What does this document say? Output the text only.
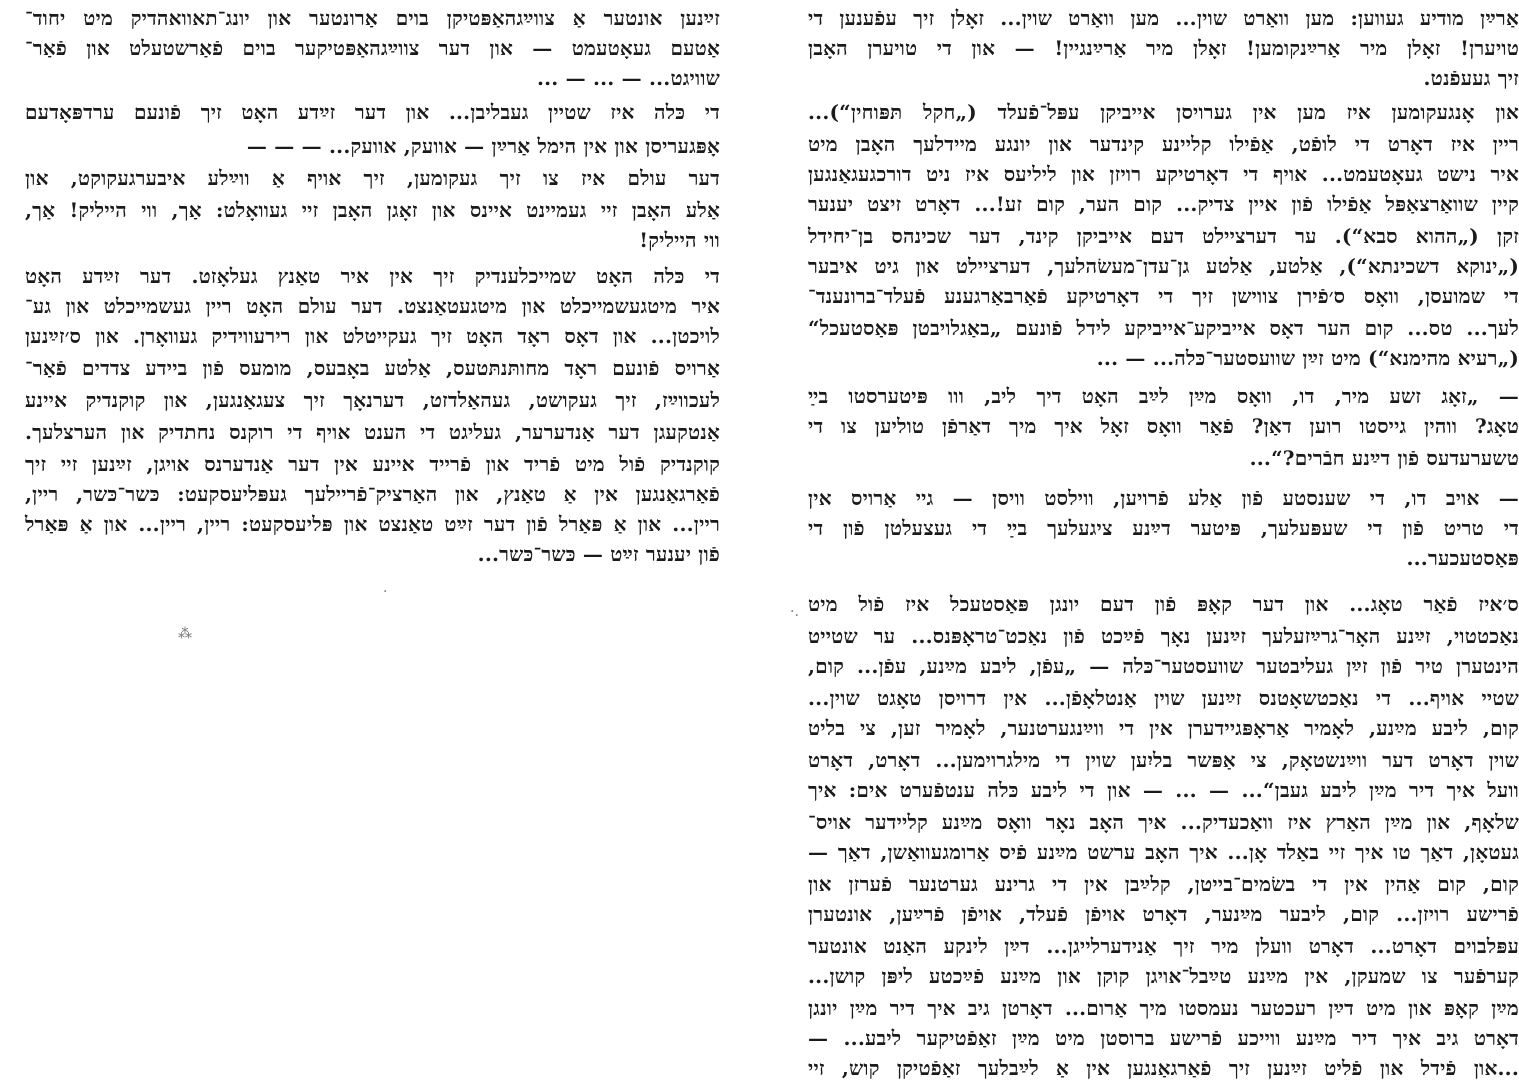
זײַנען אונטער אַ צווײַגהאַפּטיקן בוים אַרונטער און יונג־תאוואהדיק מיט יחוד־
אַטעם געאָטעמט — און דער צווײַגהאַפּטיקער בוים פֿאַרשטעלט און פֿאַר־
שוויגט... — ... — ...
די כּלה איז שטיין געבליבן... און דער זײַדע האָט זיך פֿונעם ערדפּאָדעם
אָפּגעריסן און אין הימל אַרײַן — אוועק, אוועק... — — —
דער עולם איז צו זיך געקומען, זיך אויף אַ ווײַלע איבערגעקוקט, און
אַלע האָבן זיי געמיינט איינס און זאָגן האָבן זיי געוואָלט: אַך, ווי הייליק! אַך,
ווי הייליק!
די כּלה האָט שמייכלענדיק זיך אין איר טאַנץ געלאָזט. דער זײַדע האָט
איר מיטגעשמייכלט און מיטגעטאַנצט. דער עולם האָט ריין געשמייכלט און גע־
לויכטן... און דאָס ראָד האָט זיך געקייטלט און רירעווידיק געוואָרן. און ס׳זײַנען
אַרויס פֿונעם ראָד מחותּנתּטעס, אַלטע באָבעס, מומעס פֿון ביידע צדדים פֿאַר־
לעכווײַז, זיך געקושט, געהאַלדזט, דערנאָך זיך צעגאַנגען, און קוקנדיק איינע
אַנטקעגן דער אַנדערער, געליגט די הענט אויף די רוקנס נחתדיק און הערצלעך.
קוקנדיק פֿול מיט פֿריד און פֿרייד איינע אין דער אַנדערנס אויגן, זײַנען זיי זיך
פֿאַרגאַנגען אין אַ טאַנץ, און האַרציק־פֿריילעך געפּליעסקעט: כּשר־כּשר, ריין,
ריין... און אַ פּאַרל פֿון דער זײַט טאַנצט און פּליעסקעט: ריין, ריין... און אַ פּאַרל
פֿון יענער זײַט — כּשר־כּשר...
אַרײַן מודיע געווען: מען וואַרט שוין... מען וואַרט שוין... זאָלן זיך עפֿענען די
טויערן! זאָלן מיר אַרײַנקומען! זאָלן מיר אַרײַנגיין! — און די טויערן האָבן
זיך געעפֿנט.
און אָנגעקומען איז מען אין גערויסן אייביקן עפּל־פֿעלד („חקל תּפּוחין“)...
ריין איז דאָרט די לופֿט, אַפֿילו קליינע קינדער און יונגע מיידלעך האָבן מיט
איר נישט געאָטעמט... אויף די דאָרטיקע רויזן און ליליעס איז ניט דורכגעגאַנגען
קיין שוואַרצאַפּל אַפֿילו פֿון איין צדיק... קום הער, קום זע!... דאָרט זיצט יענער
זקן („ההוא סבא“). ער דערציילט דעם אייביקן קינד, דער שכינהס בן־יחידל
(„ינוקא דשכינתא“), אַלטע, אַלטע גן־עדן־מעשׂהלעך, דערציילט און גיט איבער
די שמועסן, וואָס ס׳פֿירן צווישן זיך די דאָרטיקע פֿאַרבאַרגענע פֿעלד־ברונענד־
לעך... טס... קום הער דאָס אייביקע־אייביקע לידל פֿונעם „באַגלויבטן פּאַסטעכל“
(„רעיא מהימנא“) מיט זײַן שוועסטער־כּלה... — ...
— „זאָג זשע מיר, דו, וואָס מײַן לײַב האָט דיך ליב, ווו פּיטערסטו בײַ
טאָג? ווהין גייסטו רוען דאַן? פֿאַר וואָס זאָל איך מיך דאַרפֿן טוליען צו די
טשערעדעס פֿון דײַנע חבֿרים?“...
— אויב דו, די שענסטע פֿון אַלע פֿרויען, ווילסט וויסן — גיי אַרויס אין
די טריט פֿון די שעפּעלעך, פּיטער דײַנע ציגעלעך בײַ די געצעלטן פֿון די
פּאַסטעכער...
ס׳איז פֿאַר טאָג... און דער קאָפּ פֿון דעם יונגן פּאַסטעכל איז פֿול מיט
נאַכטטוי, זײַנע האָר־גרײַזעלעך זײַנען נאָך פֿײַכט פֿון נאַכט־טראָפּנס... ער שטייט
הינטערן טיר פֿון זײַן געליבטער שוועסטער־כּלה — „עפֿן, ליבע מײַנע, עפֿן... קום,
שטיי אויף... די נאַכטשאָטנס זײַנען שוין אַנטלאָפֿן... אין דרויסן טאָגט שוין...
קום, ליבע מײַנע, לאָמיר אַראָפּגיידערן אין די ווײַנגערטנער, לאָמיר זען, צי בליט
שוין דאָרט דער ווײַנשטאָק, צי אַפּשר בליִען שוין די מילגרוימען... דאָרט, דאָרט
וועל איך דיר מײַן ליבע געבן“... — ... — און די ליבע כּלה ענטפֿערט אים: איך
שלאָף, און מײַן האַרץ איז וואַכעדיק... איך האָב נאָר וואָס מײַנע קליידער אויס־
געטאָן, דאַך טו איך זיי באַלד אָן... איך האָב ערשט מײַנע פֿיס אַרומגעוואַשן, דאַך —
קום, קום אַהין אין די בשׂמים־בייטן, קלײַבן אין די גרינע גערטנער פֿערזן און
פֿרישע רויזן... קום, ליבער מײַנער, דאָרט אויפֿן פֿעלד, אויפֿן פֿרײַען, אונטערן
עפּלבוים דאָרט... דאָרט וועלן מיר זיך אַנידערלייגן... דײַן לינקע האַנט אונטער
קערפֿער צו שמעקן, אין מײַנע טײַבל־אויגן קוקן און מײַנע פֿײַכטע ליפּן קושן...
מײַן קאָפּ און מיט דײַן רעכטער נעמסטו מיך אַרום... דאָרטן גיב איך דיר מײַן יונגן
דאָרט גיב איך דיר מײַנע ווייכע פֿרישע ברוסטן מיט מײַן זאַפֿטיקער ליבע... —
...און פֿידל און פֿליט זײַנען זיך פֿאַרגאַנגען אין אַ לײַבלעך זאַפֿטיקן קוש, זיי
⁂
·
·.
